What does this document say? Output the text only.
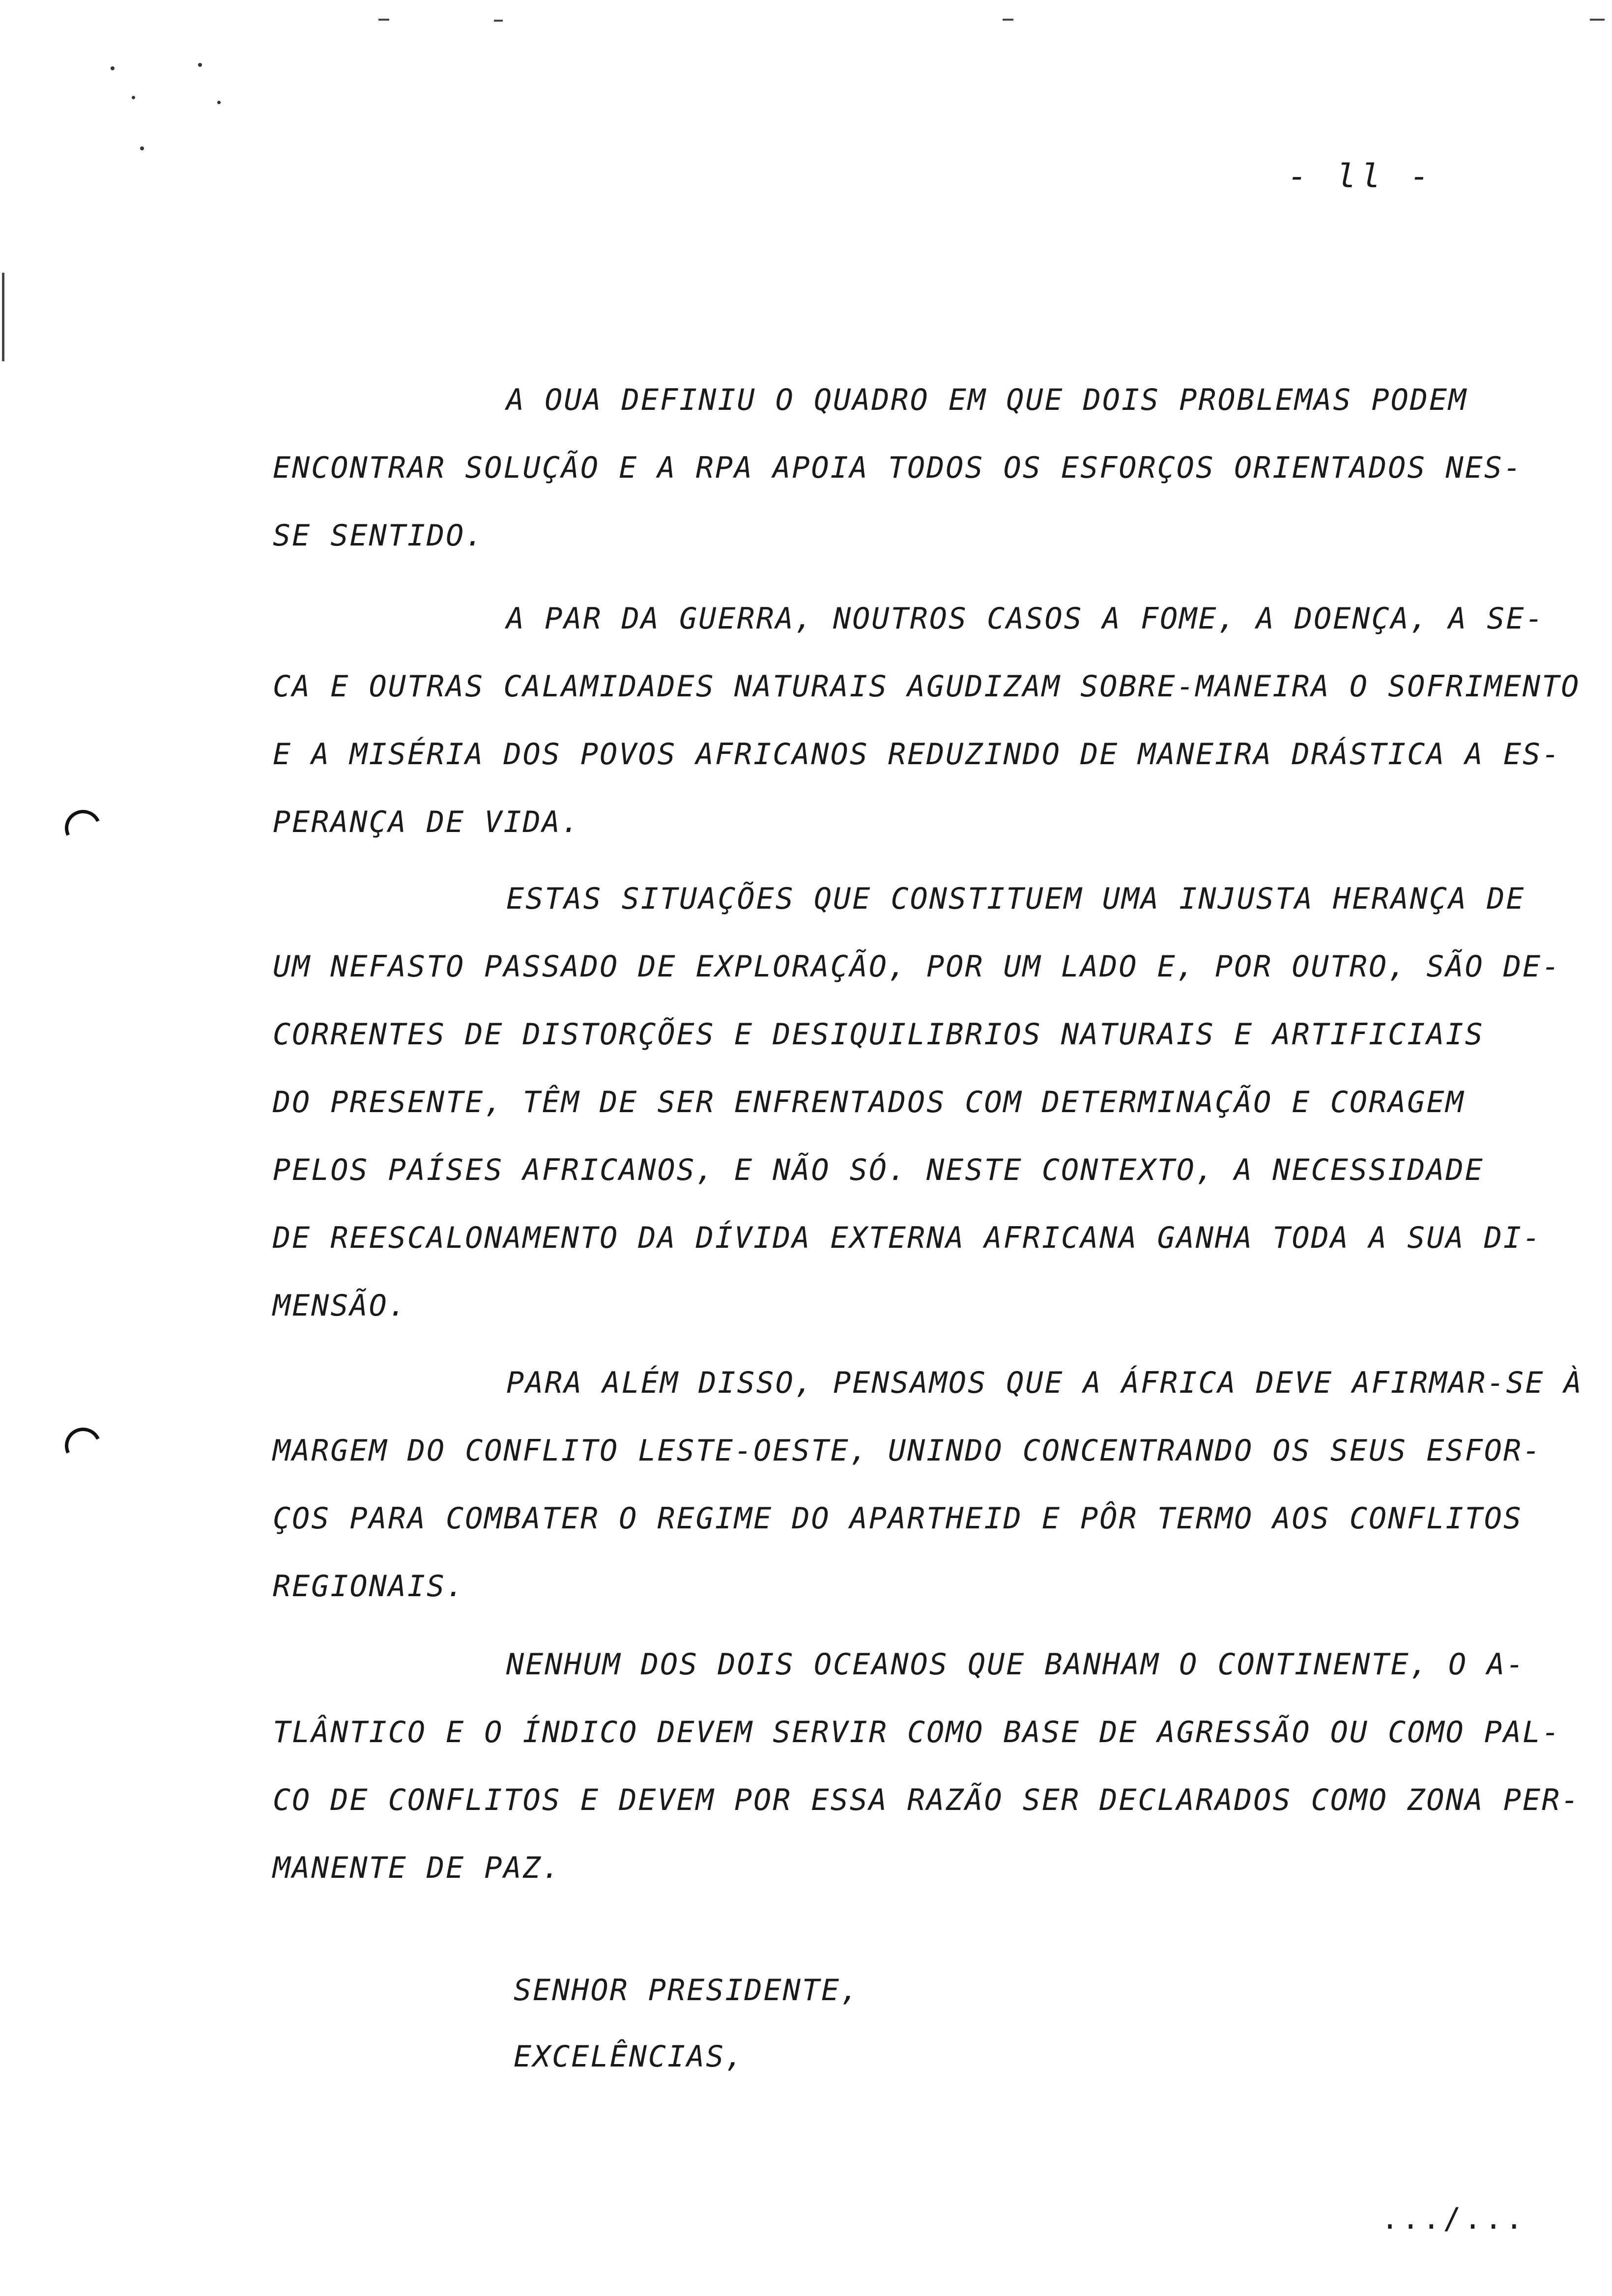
- ll -
A OUA DEFINIU O QUADRO EM QUE DOIS PROBLEMAS PODEM
ENCONTRAR SOLUÇÃO E A RPA APOIA TODOS OS ESFORÇOS ORIENTADOS NES-
SE SENTIDO.
A PAR DA GUERRA, NOUTROS CASOS A FOME, A DOENÇA, A SE-
CA E OUTRAS CALAMIDADES NATURAIS AGUDIZAM SOBRE-MANEIRA O SOFRIMENTO
E A MISÉRIA DOS POVOS AFRICANOS REDUZINDO DE MANEIRA DRÁSTICA A ES-
PERANÇA DE VIDA.
ESTAS SITUAÇÕES QUE CONSTITUEM UMA INJUSTA HERANÇA DE
UM NEFASTO PASSADO DE EXPLORAÇÃO, POR UM LADO E, POR OUTRO, SÃO DE-
CORRENTES DE DISTORÇÕES E DESIQUILIBRIOS NATURAIS E ARTIFICIAIS
DO PRESENTE, TÊM DE SER ENFRENTADOS COM DETERMINAÇÃO E CORAGEM
PELOS PAÍSES AFRICANOS, E NÃO SÓ. NESTE CONTEXTO, A NECESSIDADE
DE REESCALONAMENTO DA DÍVIDA EXTERNA AFRICANA GANHA TODA A SUA DI-
MENSÃO.
PARA ALÉM DISSO, PENSAMOS QUE A ÁFRICA DEVE AFIRMAR-SE À
MARGEM DO CONFLITO LESTE-OESTE, UNINDO CONCENTRANDO OS SEUS ESFOR-
ÇOS PARA COMBATER O REGIME DO APARTHEID E PÔR TERMO AOS CONFLITOS
REGIONAIS.
NENHUM DOS DOIS OCEANOS QUE BANHAM O CONTINENTE, O A-
TLÂNTICO E O ÍNDICO DEVEM SERVIR COMO BASE DE AGRESSÃO OU COMO PAL-
CO DE CONFLITOS E DEVEM POR ESSA RAZÃO SER DECLARADOS COMO ZONA PER-
MANENTE DE PAZ.
SENHOR PRESIDENTE,
EXCELÊNCIAS,
.../...
